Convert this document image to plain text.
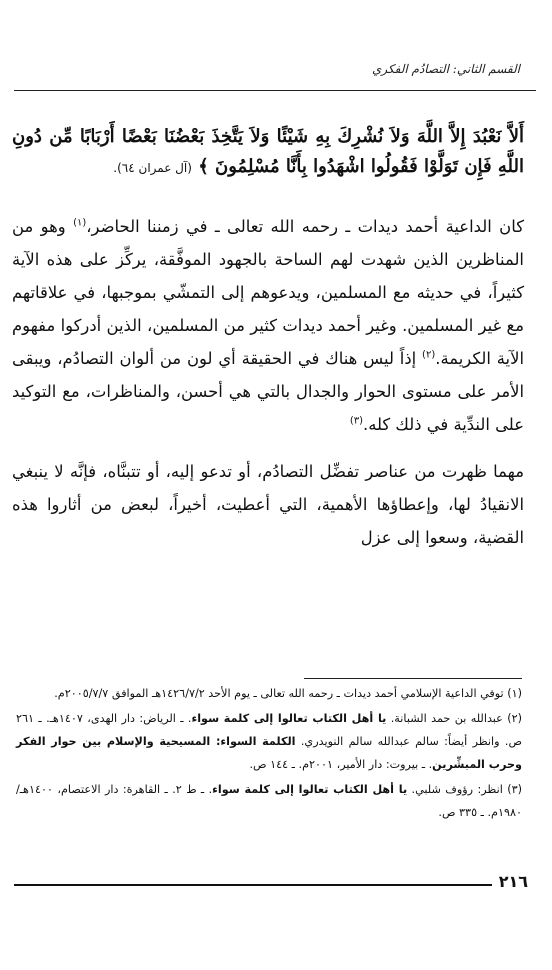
القسم الثاني: التصادُم الفكري
أَلاَّ نَعْبُدَ إِلاَّ اللَّهَ وَلاَ نُشْرِكَ بِهِ شَيْئًا وَلاَ يَتَّخِذَ بَعْضُنَا بَعْضًا أَرْبَابًا مِّن دُونِ اللَّهِ فَإِن تَوَلَّوْا فَقُولُوا اشْهَدُوا بِأَنَّا مُسْلِمُونَ ﴾ (آل عمران ٦٤).

كان الداعية أحمد ديدات ـ رحمه الله تعالى ـ في زمننا الحاضر،$^{(١)}$ وهو من المناظرين الذين شهدت لهم الساحة بالجهود الموفَّقة، يركِّز على هذه الآية كثيراً، في حديثه مع المسلمين، ويدعوهم إلى التمشّي بموجبها، في علاقاتهم مع غير المسلمين. وغير أحمد ديدات كثير من المسلمين، الذين أدركوا مفهوم الآية الكريمة.$^{(٢)}$ إذاً ليس هناك في الحقيقة أي لون من ألوان التصادُم، ويبقى الأمر على مستوى الحوار والجدال بالتي هي أحسن، والمناظرات، مع التوكيد على الندِّية في ذلك كله.$^{(٣)}$

مهما ظهرت من عناصر تفضِّل التصادُم، أو تدعو إليه، أو تتبنَّاه، فإنَّه لا ينبغي الانقيادُ لها، وإعطاؤها الأهمية، التي أعطيت، أخيراً، لبعض من أثاروا هذه القضية، وسعوا إلى عزل

(١) توفي الداعية الإسلامي أحمد ديدات ـ رحمه الله تعالى ـ يوم الأحد ١٤٢٦/٧/٢هـ الموافق ٢٠٠٥/٧/٧م.

(٢) عبدالله بن حمد الشبانة. يا أهل الكتاب تعالوا إلى كلمة سواء. ـ الرياض: دار الهدى، ١٤٠٧هـ. ـ ٢٦١ ص. وانظر أيضاً: سالم عبدالله سالم النويدري. الكلمة السواء: المسيحية والإسلام بين حوار الفكر وحرب المبشِّرين. ـ بيروت: دار الأمير، ٢٠٠١م. ـ ١٤٤ ص.

(٣) انظر: رؤوف شلبي. يا أهل الكتاب تعالوا إلى كلمة سواء. ـ ط ٢. ـ القاهرة: دار الاعتصام، ١٤٠٠هـ/ ١٩٨٠م. ـ ٣٣٥ ص.

٢١٦
